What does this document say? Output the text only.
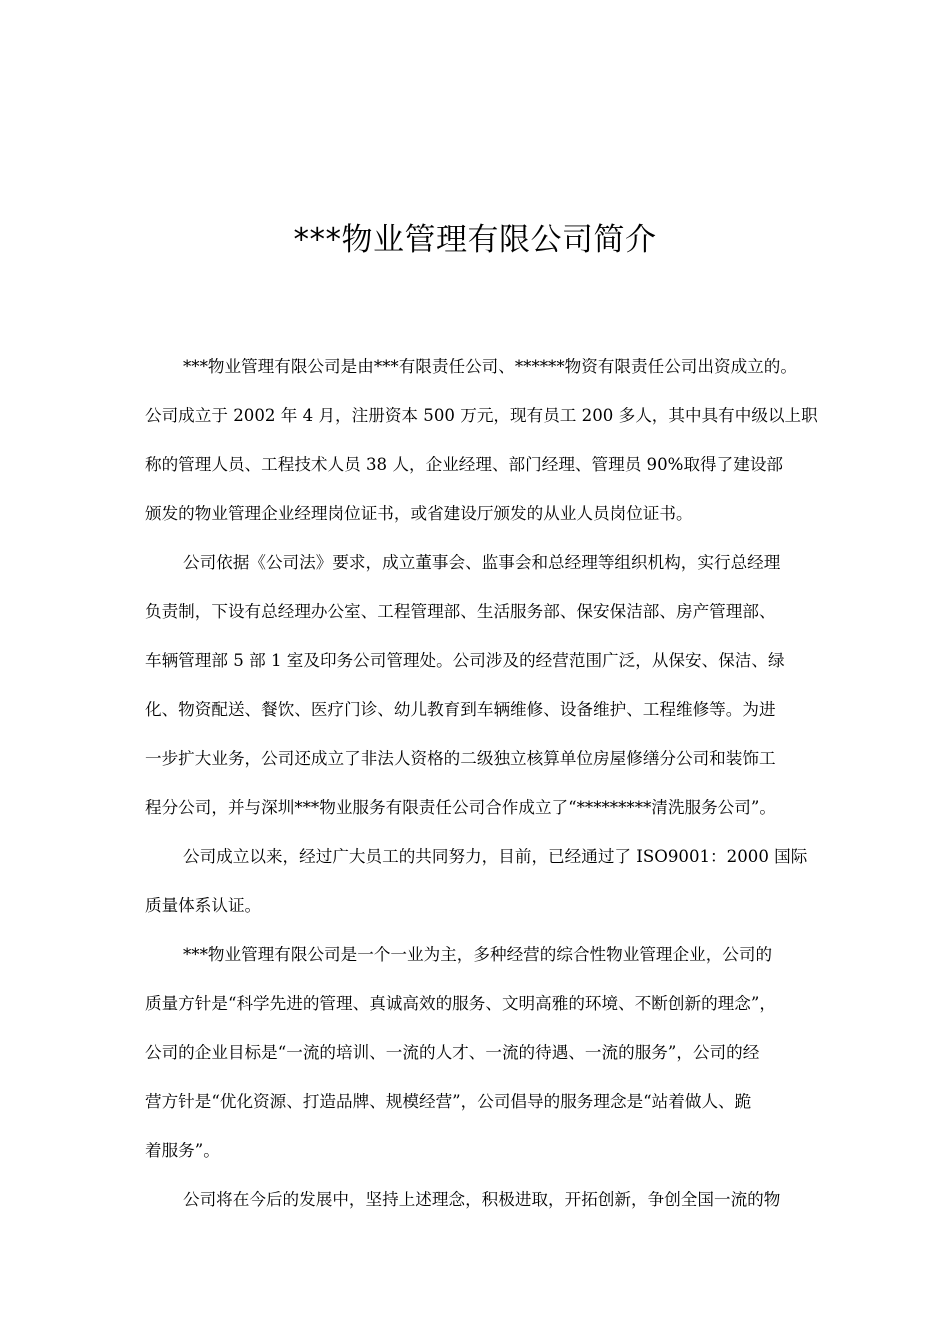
***物业管理有限公司简介

***物业管理有限公司是由***有限责任公司、******物资有限责任公司出资成立的。

公司成立于 2002 年 4 月，注册资本 500 万元，现有员工 200 多人，其中具有中级以上职

称的管理人员、工程技术人员 38 人，企业经理、部门经理、管理员 90%取得了建设部

颁发的物业管理企业经理岗位证书，或省建设厅颁发的从业人员岗位证书。

公司依据《公司法》要求，成立董事会、监事会和总经理等组织机构，实行总经理

负责制，下设有总经理办公室、工程管理部、生活服务部、保安保洁部、房产管理部、

车辆管理部 5 部 1 室及印务公司管理处。公司涉及的经营范围广泛，从保安、保洁、绿

化、物资配送、餐饮、医疗门诊、幼儿教育到车辆维修、设备维护、工程维修等。为进

一步扩大业务，公司还成立了非法人资格的二级独立核算单位房屋修缮分公司和装饰工

程分公司，并与深圳***物业服务有限责任公司合作成立了“*********清洗服务公司”。

公司成立以来，经过广大员工的共同努力，目前，已经通过了 ISO9001：2000 国际

质量体系认证。

***物业管理有限公司是一个一业为主，多种经营的综合性物业管理企业，公司的

质量方针是“科学先进的管理、真诚高效的服务、文明高雅的环境、不断创新的理念”，

公司的企业目标是“一流的培训、一流的人才、一流的待遇、一流的服务”，公司的经

营方针是“优化资源、打造品牌、规模经营”，公司倡导的服务理念是“站着做人、跪

着服务”。

公司将在今后的发展中，坚持上述理念，积极进取，开拓创新，争创全国一流的物
